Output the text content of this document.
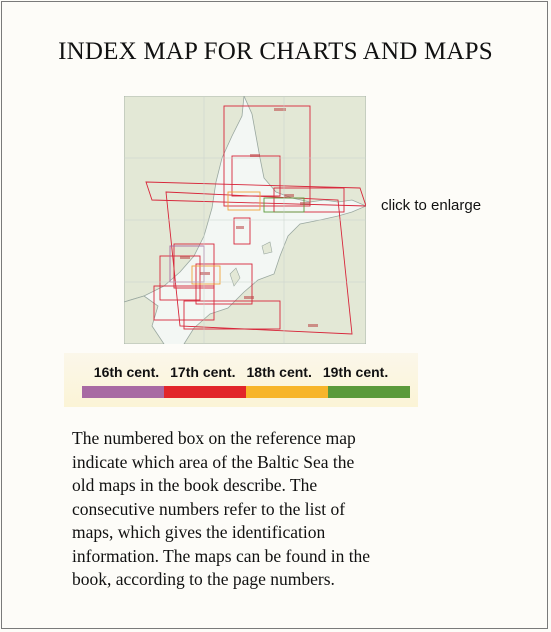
INDEX MAP FOR CHARTS AND MAPS
click to enlarge
16th cent. 17th cent. 18th cent. 19th cent.
The numbered box on the reference map
indicate which area of the Baltic Sea the
old maps in the book describe. The
consecutive numbers refer to the list of
maps, which gives the identification
information. The maps can be found in the
book, according to the page numbers.
